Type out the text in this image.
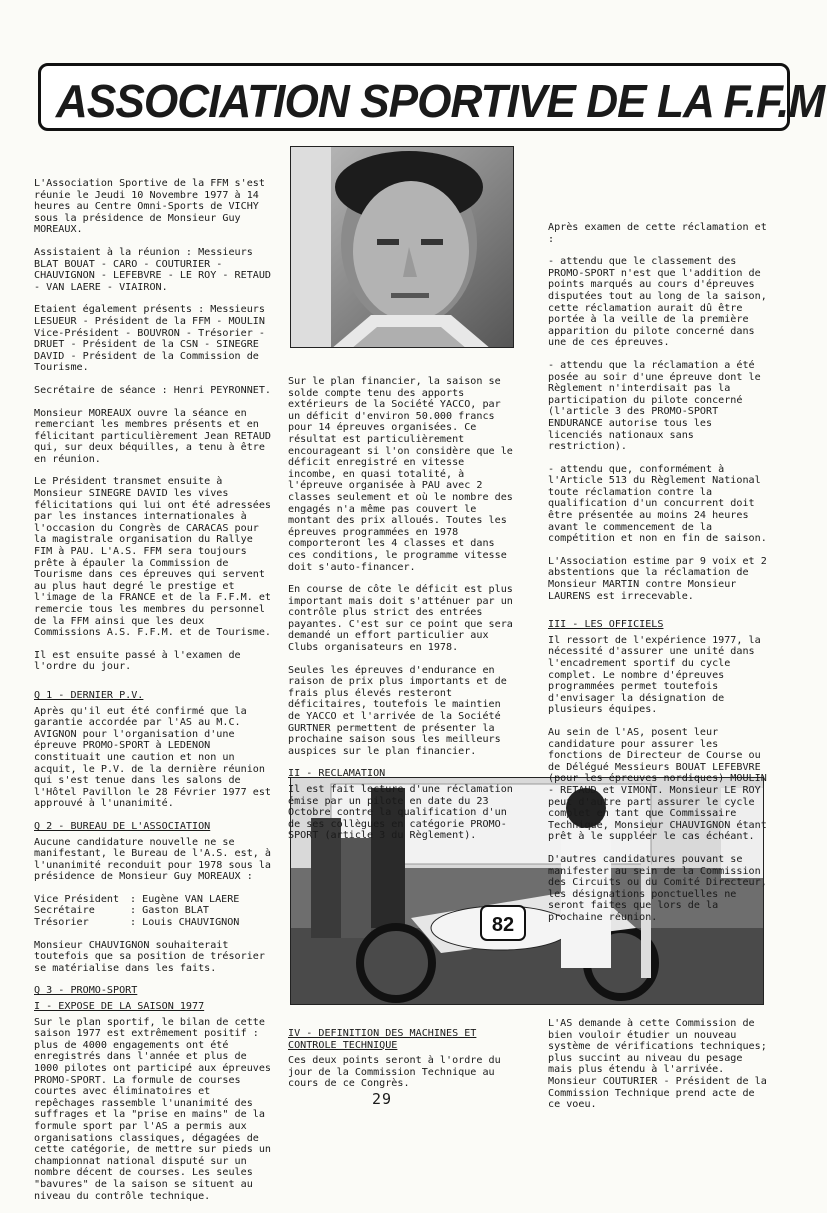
ASSOCIATION SPORTIVE DE LA F.F.M
82

L'Association Sportive de la FFM s'est réunie le Jeudi 10 Novembre 1977 à 14 heures au Centre Omni-Sports de VICHY sous la présidence de Monsieur Guy MOREAUX.

Assistaient à la réunion : Messieurs BLAT BOUAT - CARO - COUTURIER - CHAUVIGNON - LEFEBVRE - LE ROY - RETAUD - VAN LAERE - VIAIRON.

Etaient également présents : Messieurs LESUEUR - Président de la FFM - MOULIN Vice-Président - BOUVRON - Trésorier - DRUET - Président de la CSN - SINEGRE DAVID - Président de la Commission de Tourisme.

Secrétaire de séance : Henri PEYRONNET.

Monsieur MOREAUX ouvre la séance en remerciant les membres présents et en félicitant particulièrement Jean RETAUD qui, sur deux béquilles, a tenu à être en réunion.

Le Président transmet ensuite à Monsieur SINEGRE DAVID les vives félicitations qui lui ont été adressées par les instances internationales à l'occasion du Congrès de CARACAS pour la magistrale organisation du Rallye FIM à PAU. L'A.S. FFM sera toujours prête à épauler la Commission de Tourisme dans ces épreuves qui servent au plus haut degré le prestige et l'image de la FRANCE et de la F.F.M. et remercie tous les membres du personnel de la FFM ainsi que les deux Commissions A.S. F.F.M. et de Tourisme.

Il est ensuite passé à l'examen de l'ordre du jour.

Q 1 - DERNIER P.V.

Après qu'il eut été confirmé que la garantie accordée par l'AS au M.C. AVIGNON pour l'organisation d'une épreuve PROMO-SPORT à LEDENON constituait une caution et non un acquit, le P.V. de la dernière réunion qui s'est tenue dans les salons de l'Hôtel Pavillon le 28 Février 1977 est approuvé à l'unanimité.

Q 2 - BUREAU DE L'ASSOCIATION

Aucune candidature nouvelle ne se manifestant, le Bureau de l'A.S. est, à l'unanimité reconduit pour 1978 sous la présidence de Monsieur Guy MOREAUX :

Vice Président	: Eugène VAN LAERE
Secrétaire	: Gaston BLAT
Trésorier	: Louis CHAUVIGNON

Monsieur CHAUVIGNON souhaiterait toutefois que sa position de trésorier se matérialise dans les faits.

Q 3 - PROMO-SPORT
I - EXPOSE DE LA SAISON 1977

Sur le plan sportif, le bilan de cette saison 1977 est extrêmement positif : plus de 4000 engagements ont été enregistrés dans l'année et plus de 1000 pilotes ont participé aux épreuves PROMO-SPORT. La formule de courses courtes avec éliminatoires et repêchages rassemble l'unanimité des suffrages et la "prise en mains" de la formule sport par l'AS a permis aux organisations classiques, dégagées de cette catégorie, de mettre sur pieds un championnat national disputé sur un nombre décent de courses. Les seules "bavures" de la saison se situent au niveau du contrôle technique.

Sur le plan financier, la saison se solde compte tenu des apports extérieurs de la Société YACCO, par un déficit d'environ 50.000 francs pour 14 épreuves organisées. Ce résultat est particulièrement encourageant si l'on considère que le déficit enregistré en vitesse incombe, en quasi totalité, à l'épreuve organisée à PAU avec 2 classes seulement et où le nombre des engagés n'a même pas couvert le montant des prix alloués. Toutes les épreuves programmées en 1978 comporteront les 4 classes et dans ces conditions, le programme vitesse doit s'auto-financer.

En course de côte le déficit est plus important mais doit s'atténuer par un contrôle plus strict des entrées payantes. C'est sur ce point que sera demandé un effort particulier aux Clubs organisateurs en 1978.

Seules les épreuves d'endurance en raison de prix plus importants et de frais plus élevés resteront déficitaires, toutefois le maintien de YACCO et l'arrivée de la Société GURTNER permettent de présenter la prochaine saison sous les meilleurs auspices sur le plan financier.

II - RECLAMATION

Il est fait lecture d'une réclamation émise par un pilote en date du 23 Octobre contre la qualification d'un de ses collègues en catégorie PROMO-SPORT (article 3 du Règlement).

IV - DEFINITION DES MACHINES ET CONTROLE TECHNIQUE

Ces deux points seront à l'ordre du jour de la Commission Technique au cours de ce Congrès.

Après examen de cette réclamation et :

- attendu que le classement des PROMO-SPORT n'est que l'addition de points marqués au cours d'épreuves disputées tout au long de la saison, cette réclamation aurait dû être portée à la veille de la première apparition du pilote concerné dans une de ces épreuves.

- attendu que la réclamation a été posée au soir d'une épreuve dont le Règlement n'interdisait pas la participation du pilote concerné (l'article 3 des PROMO-SPORT ENDURANCE autorise tous les licenciés nationaux sans restriction).

- attendu que, conformément à l'Article 513 du Règlement National toute réclamation contre la qualification d'un concurrent doit être présentée au moins 24 heures avant le commencement de la compétition et non en fin de saison.

L'Association estime par 9 voix et 2 abstentions que la réclamation de Monsieur MARTIN contre Monsieur LAURENS est irrecevable.

III - LES OFFICIELS

Il ressort de l'expérience 1977, la nécessité d'assurer une unité dans l'encadrement sportif du cycle complet. Le nombre d'épreuves programmées permet toutefois d'envisager la désignation de plusieurs équipes.

Au sein de l'AS, posent leur candidature pour assurer les fonctions de Directeur de Course ou de Délégué Messieurs BOUAT LEFEBVRE (pour les épreuves nordiques) MOULIN - RETAUD et VIMONT. Monsieur LE ROY peut d'autre part assurer le cycle complet en tant que Commissaire Technique, Monsieur CHAUVIGNON étant prêt à le suppléer le cas échéant.

D'autres candidatures pouvant se manifester au sein de la Commission des Circuits ou du Comité Directeur, les désignations ponctuelles ne seront faites que lors de la prochaine réunion.

L'AS demande à cette Commission de bien vouloir étudier un nouveau système de vérifications techniques; plus succint au niveau du pesage mais plus étendu à l'arrivée. Monsieur COUTURIER - Président de la Commission Technique prend acte de ce voeu.

29
